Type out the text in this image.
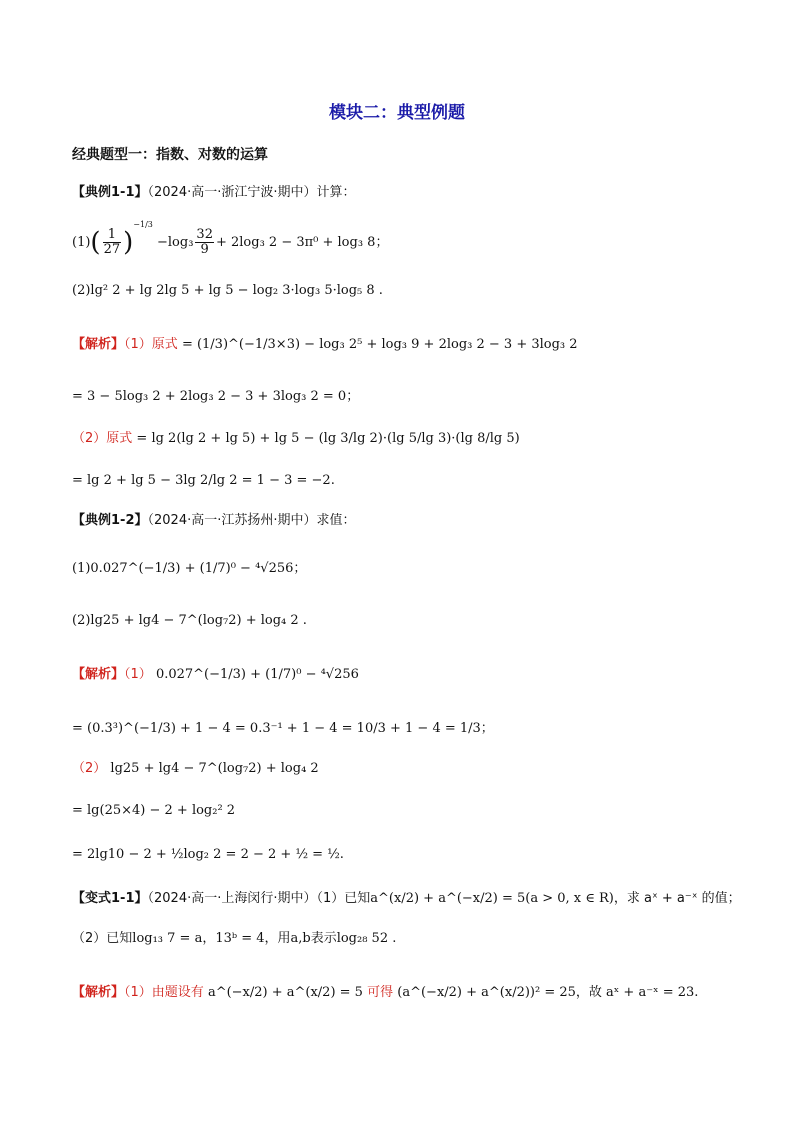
模块二：典型例题
经典题型一：指数、对数的运算
【典例1-1】（2024·高一·浙江宁波·期中）计算：
$(1)( \frac{1}{27} )^{-1/3} -\log_3 \frac{32}{9} + 2\log_3$ 2 − 3π⁰ + log₃ 8；
(2)lg² 2 + lg 2lg 5 + lg 5 − log₂ 3·log₃ 5·log₅ 8 .
【解析】（1）原式 = (1/3)^(−1/3×3) − log₃ 2⁵ + log₃ 9 + 2log₃ 2 − 3 + 3log₃ 2
= 3 − 5log₃ 2 + 2log₃ 2 − 3 + 3log₃ 2 = 0；
（2）原式 = lg 2(lg 2 + lg 5) + lg 5 − (lg 3/lg 2)·(lg 5/lg 3)·(lg 8/lg 5)
= lg 2 + lg 5 − 3lg 2/lg 2 = 1 − 3 = −2.
【典例1-2】（2024·高一·江苏扬州·期中）求值：
(1)0.027^(−1/3) + (1/7)⁰ − ⁴√256；
(2)lg25 + lg4 − 7^(log₇2) + log₄ 2 .
【解析】（1） 0.027^(−1/3) + (1/7)⁰ − ⁴√256
= (0.3³)^(−1/3) + 1 − 4 = 0.3⁻¹ + 1 − 4 = 10/3 + 1 − 4 = 1/3；
（2） lg25 + lg4 − 7^(log₇2) + log₄ 2
= lg(25×4) − 2 + log₂² 2
= 2lg10 − 2 + ½log₂ 2 = 2 − 2 + ½ = ½.
【变式1-1】（2024·高一·上海闵行·期中）（1）已知a^(x/2) + a^(−x/2) = 5(a > 0, x ∈ R)，求 aˣ + a⁻ˣ 的值；
（2）已知log₁₃ 7 = a，13ᵇ = 4，用a,b表示log₂₈ 52 .
【解析】（1）由题设有 a^(−x/2) + a^(x/2) = 5 可得 (a^(−x/2) + a^(x/2))² = 25，故 aˣ + a⁻ˣ = 23.
